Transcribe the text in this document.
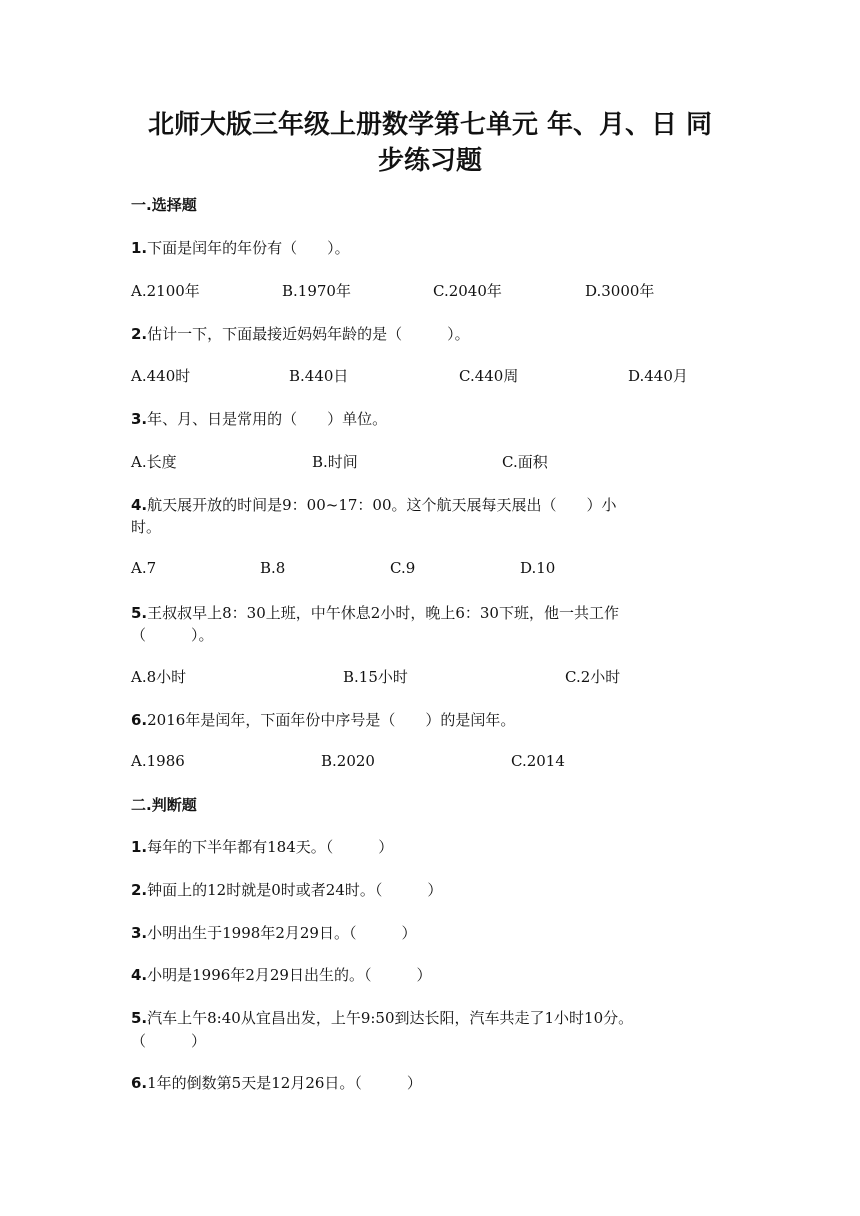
北师大版三年级上册数学第七单元 年、月、日 同
步练习题
一.选择题
1.下面是闰年的年份有（　　）。
A.2100年	B.1970年	C.2040年	D.3000年
2.估计一下，下面最接近妈妈年龄的是（　　　）。
A.440时	B.440日	C.440周	D.440月
3.年、月、日是常用的（　　）单位。
A.长度	B.时间	C.面积
4.航天展开放的时间是9：00~17：00。这个航天展每天展出（　　）小
时。
A.7	B.8	C.9	D.10
5.王叔叔早上8：30上班，中午休息2小时，晚上6：30下班，他一共工作
（　　　）。
A.8小时	B.15小时	C.2小时
6.2016年是闰年，下面年份中序号是（　　）的是闰年。
A.1986	B.2020	C.2014
二.判断题
1.每年的下半年都有184天。（　　　）
2.钟面上的12时就是0时或者24时。（　　　）
3.小明出生于1998年2月29日。（　　　）
4.小明是1996年2月29日出生的。（　　　）
5.汽车上午8:40从宜昌出发，上午9:50到达长阳，汽车共走了1小时10分。
（　　　）
6.1年的倒数第5天是12月26日。（　　　）
